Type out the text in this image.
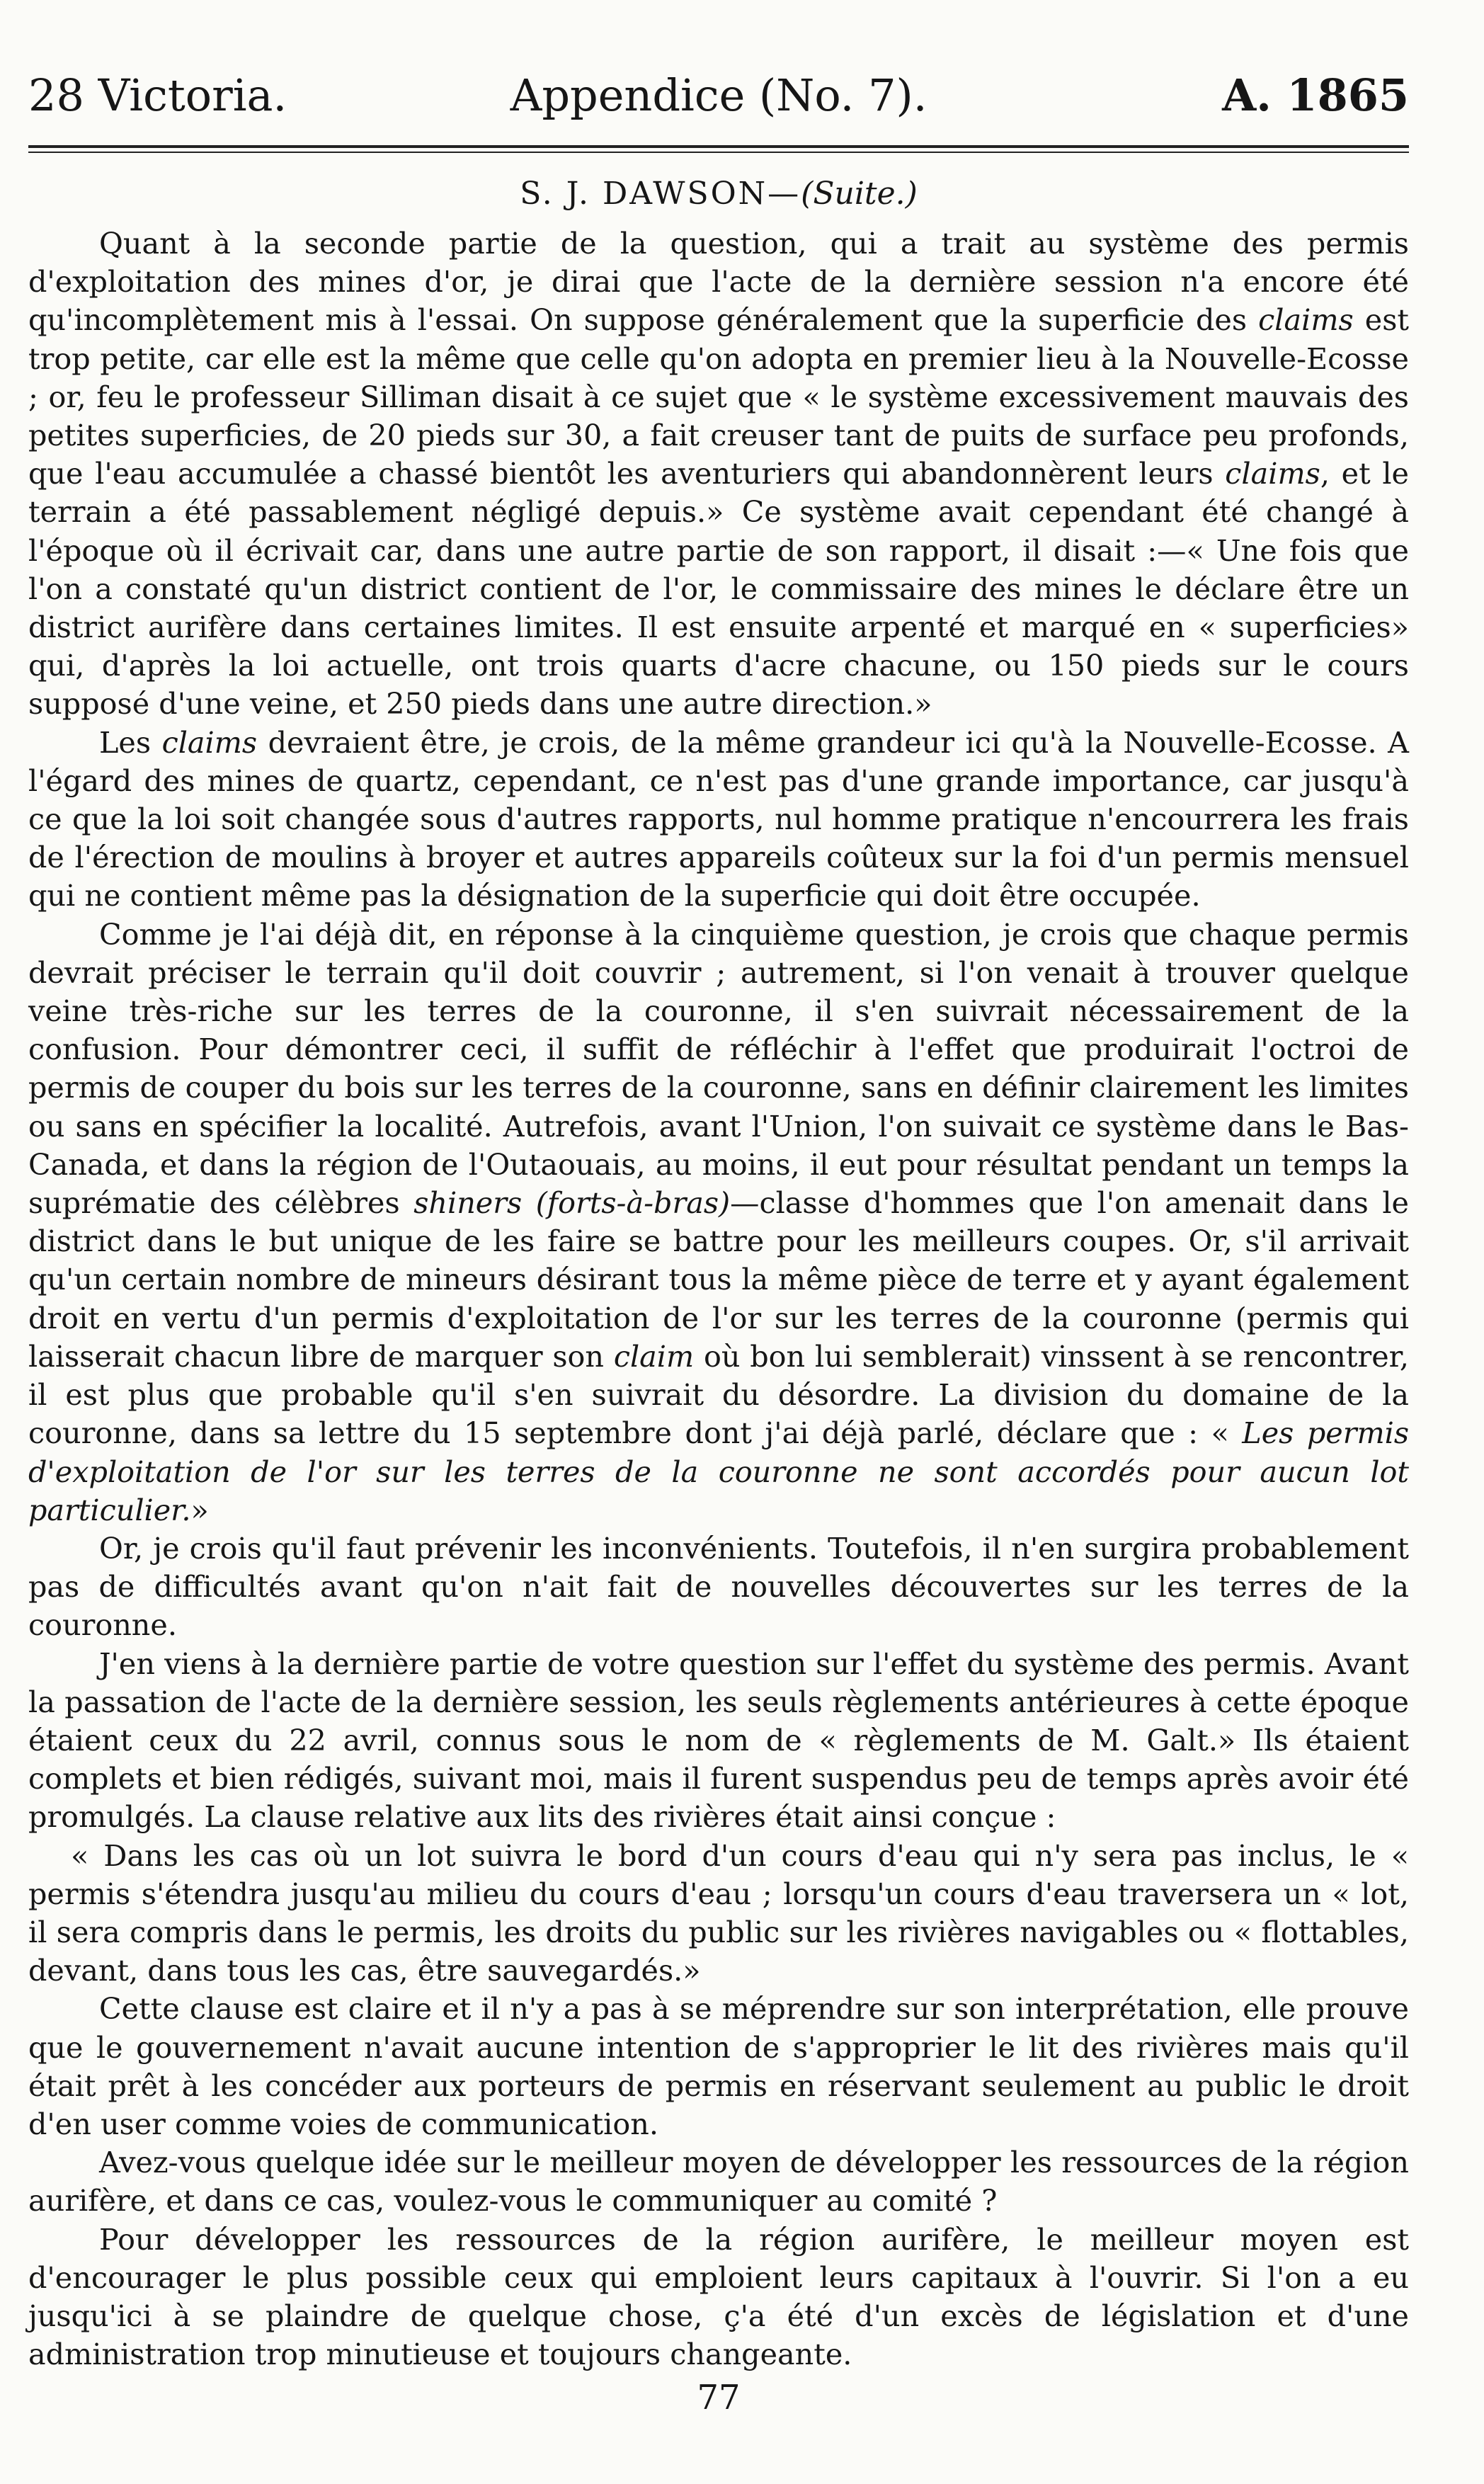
Appendice (No. 7).
28 Victoria.	A. 1865
S. J. DAWSON—(Suite.)

Quant à la seconde partie de la question, qui a trait au système des permis d'exploitation des mines d'or, je dirai que l'acte de la dernière session n'a encore été qu'incomplètement mis à l'essai. On suppose généralement que la superficie des claims est trop petite, car elle est la même que celle qu'on adopta en premier lieu à la Nouvelle-Ecosse ; or, feu le professeur Silliman disait à ce sujet que « le système excessivement mauvais des petites superficies, de 20 pieds sur 30, a fait creuser tant de puits de surface peu profonds, que l'eau accumulée a chassé bientôt les aventuriers qui abandonnèrent leurs claims, et le terrain a été passablement négligé depuis.» Ce système avait cependant été changé à l'époque où il écrivait car, dans une autre partie de son rapport, il disait :—« Une fois que l'on a constaté qu'un district contient de l'or, le commissaire des mines le déclare être un district aurifère dans certaines limites. Il est ensuite arpenté et marqué en « superficies» qui, d'après la loi actuelle, ont trois quarts d'acre chacune, ou 150 pieds sur le cours supposé d'une veine, et 250 pieds dans une autre direction.»

Les claims devraient être, je crois, de la même grandeur ici qu'à la Nouvelle-Ecosse. A l'égard des mines de quartz, cependant, ce n'est pas d'une grande importance, car jusqu'à ce que la loi soit changée sous d'autres rapports, nul homme pratique n'encourrera les frais de l'érection de moulins à broyer et autres appareils coûteux sur la foi d'un permis mensuel qui ne contient même pas la désignation de la superficie qui doit être occupée.

Comme je l'ai déjà dit, en réponse à la cinquième question, je crois que chaque permis devrait préciser le terrain qu'il doit couvrir ; autrement, si l'on venait à trouver quelque veine très-riche sur les terres de la couronne, il s'en suivrait nécessairement de la confusion. Pour démontrer ceci, il suffit de réfléchir à l'effet que produirait l'octroi de permis de couper du bois sur les terres de la couronne, sans en définir clairement les limites ou sans en spécifier la localité. Autrefois, avant l'Union, l'on suivait ce système dans le Bas-Canada, et dans la région de l'Outaouais, au moins, il eut pour résultat pendant un temps la suprématie des célèbres shiners (forts-à-bras)—classe d'hommes que l'on amenait dans le district dans le but unique de les faire se battre pour les meilleurs coupes. Or, s'il arrivait qu'un certain nombre de mineurs désirant tous la même pièce de terre et y ayant également droit en vertu d'un permis d'exploitation de l'or sur les terres de la couronne (permis qui laisserait chacun libre de marquer son claim où bon lui semblerait) vinssent à se rencontrer, il est plus que probable qu'il s'en suivrait du désordre. La division du domaine de la couronne, dans sa lettre du 15 septembre dont j'ai déjà parlé, déclare que : « Les permis d'exploitation de l'or sur les terres de la couronne ne sont accordés pour aucun lot particulier.»

Or, je crois qu'il faut prévenir les inconvénients. Toutefois, il n'en surgira probablement pas de difficultés avant qu'on n'ait fait de nouvelles découvertes sur les terres de la couronne.

J'en viens à la dernière partie de votre question sur l'effet du système des permis. Avant la passation de l'acte de la dernière session, les seuls règlements antérieures à cette époque étaient ceux du 22 avril, connus sous le nom de « règlements de M. Galt.» Ils étaient complets et bien rédigés, suivant moi, mais il furent suspendus peu de temps après avoir été promulgés. La clause relative aux lits des rivières était ainsi conçue :

« Dans les cas où un lot suivra le bord d'un cours d'eau qui n'y sera pas inclus, le « permis s'étendra jusqu'au milieu du cours d'eau ; lorsqu'un cours d'eau traversera un « lot, il sera compris dans le permis, les droits du public sur les rivières navigables ou « flottables, devant, dans tous les cas, être sauvegardés.»

Cette clause est claire et il n'y a pas à se méprendre sur son interprétation, elle prouve que le gouvernement n'avait aucune intention de s'approprier le lit des rivières mais qu'il était prêt à les concéder aux porteurs de permis en réservant seulement au public le droit d'en user comme voies de communication.

Avez-vous quelque idée sur le meilleur moyen de développer les ressources de la région aurifère, et dans ce cas, voulez-vous le communiquer au comité ?

Pour développer les ressources de la région aurifère, le meilleur moyen est d'encourager le plus possible ceux qui emploient leurs capitaux à l'ouvrir. Si l'on a eu jusqu'ici à se plaindre de quelque chose, ç'a été d'un excès de législation et d'une administration trop minutieuse et toujours changeante.

77
